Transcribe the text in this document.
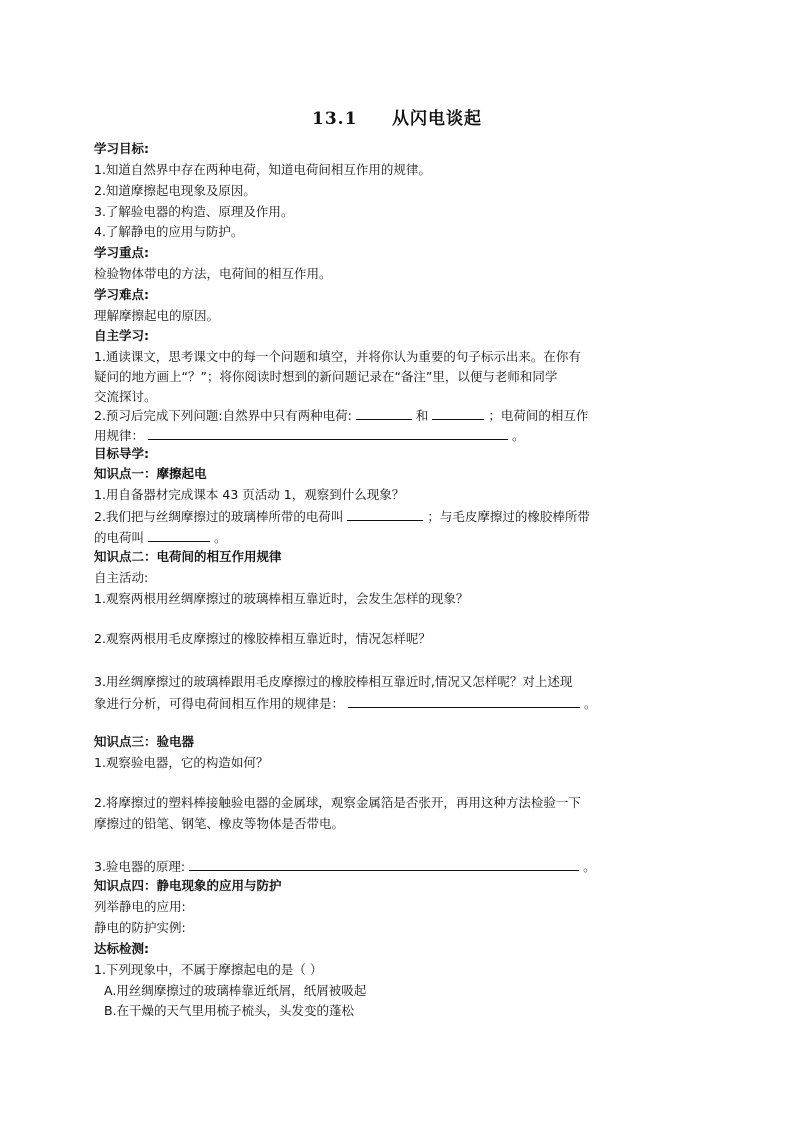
13.1     从闪电谈起
学习目标:
1.知道自然界中存在两种电荷，知道电荷间相互作用的规律。
2.知道摩擦起电现象及原因。
3.了解验电器的构造、原理及作用。
4.了解静电的应用与防护。
学习重点:
检验物体带电的方法，电荷间的相互作用。
学习难点:
理解摩擦起电的原因。
自主学习:
1.通读课文，思考课文中的每一个问题和填空，并将你认为重要的句子标示出来。在你有
疑问的地方画上“？”；将你阅读时想到的新问题记录在“备注”里，以便与老师和同学
交流探讨。
2.预习后完成下列问题:自然界中只有两种电荷:	和	；电荷间的相互作
用规律：	。
目标导学:
知识点一：摩擦起电
1.用自备器材完成课本 43 页活动 1，观察到什么现象？
2.我们把与丝绸摩擦过的玻璃棒所带的电荷叫	；与毛皮摩擦过的橡胶棒所带
的电荷叫	。
知识点二：电荷间的相互作用规律
自主活动:
1.观察两根用丝绸摩擦过的玻璃棒相互靠近时，会发生怎样的现象？
2.观察两根用毛皮摩擦过的橡胶棒相互靠近时，情况怎样呢？
3.用丝绸摩擦过的玻璃棒跟用毛皮摩擦过的橡胶棒相互靠近时,情况又怎样呢？对上述现
象进行分析，可得电荷间相互作用的规律是：	。
知识点三：验电器
1.观察验电器，它的构造如何？
2.将摩擦过的塑料棒接触验电器的金属球，观察金属箔是否张开，再用这种方法检验一下
摩擦过的铅笔、钢笔、橡皮等物体是否带电。
3.验电器的原理:	。
知识点四：静电现象的应用与防护
列举静电的应用:
静电的防护实例:
达标检测:
1.下列现象中，不属于摩擦起电的是（ ）
A.用丝绸摩擦过的玻璃棒靠近纸屑，纸屑被吸起
B.在干燥的天气里用梳子梳头，头发变的蓬松
